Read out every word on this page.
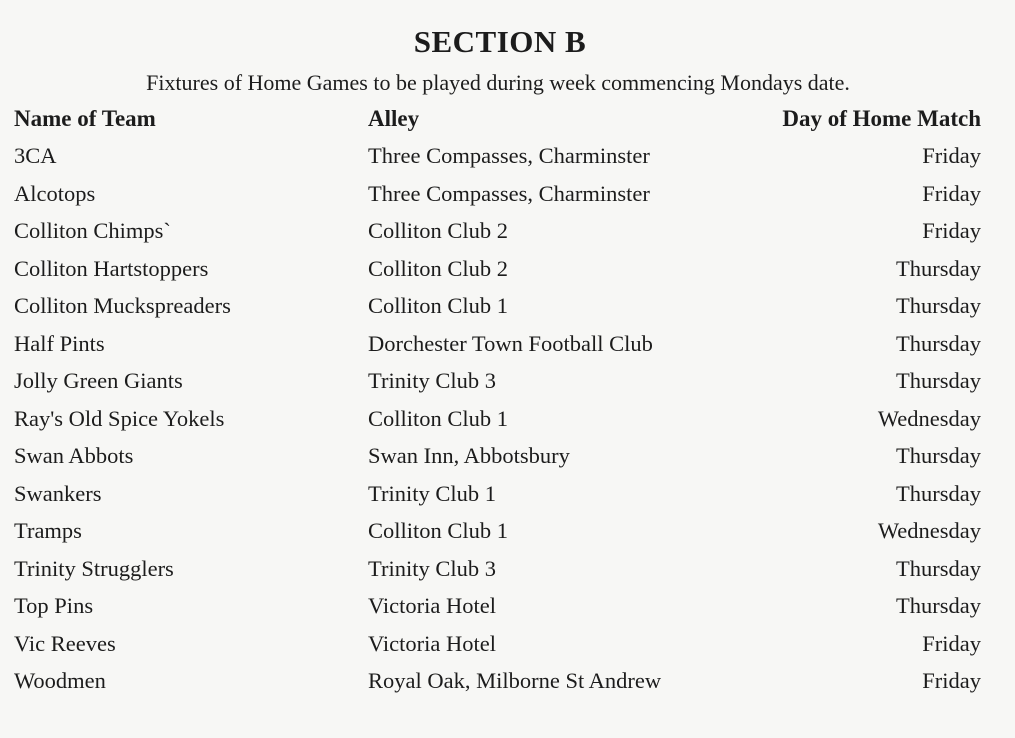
SECTION B
Fixtures of Home Games to be played during week commencing Mondays date.
Name of Team	Alley	Day of Home Match
3CA	Three Compasses, Charminster	Friday
Alcotops	Three Compasses, Charminster	Friday
Colliton Chimps`	Colliton Club 2	Friday
Colliton Hartstoppers	Colliton Club 2	Thursday
Colliton Muckspreaders	Colliton Club 1	Thursday
Half Pints	Dorchester Town Football Club	Thursday
Jolly Green Giants	Trinity Club 3	Thursday
Ray's Old Spice Yokels	Colliton Club 1	Wednesday
Swan Abbots	Swan Inn, Abbotsbury	Thursday
Swankers	Trinity Club 1	Thursday
Tramps	Colliton Club 1	Wednesday
Trinity Strugglers	Trinity Club 3	Thursday
Top Pins	Victoria Hotel	Thursday
Vic Reeves	Victoria Hotel	Friday
Woodmen	Royal Oak, Milborne St Andrew	Friday
